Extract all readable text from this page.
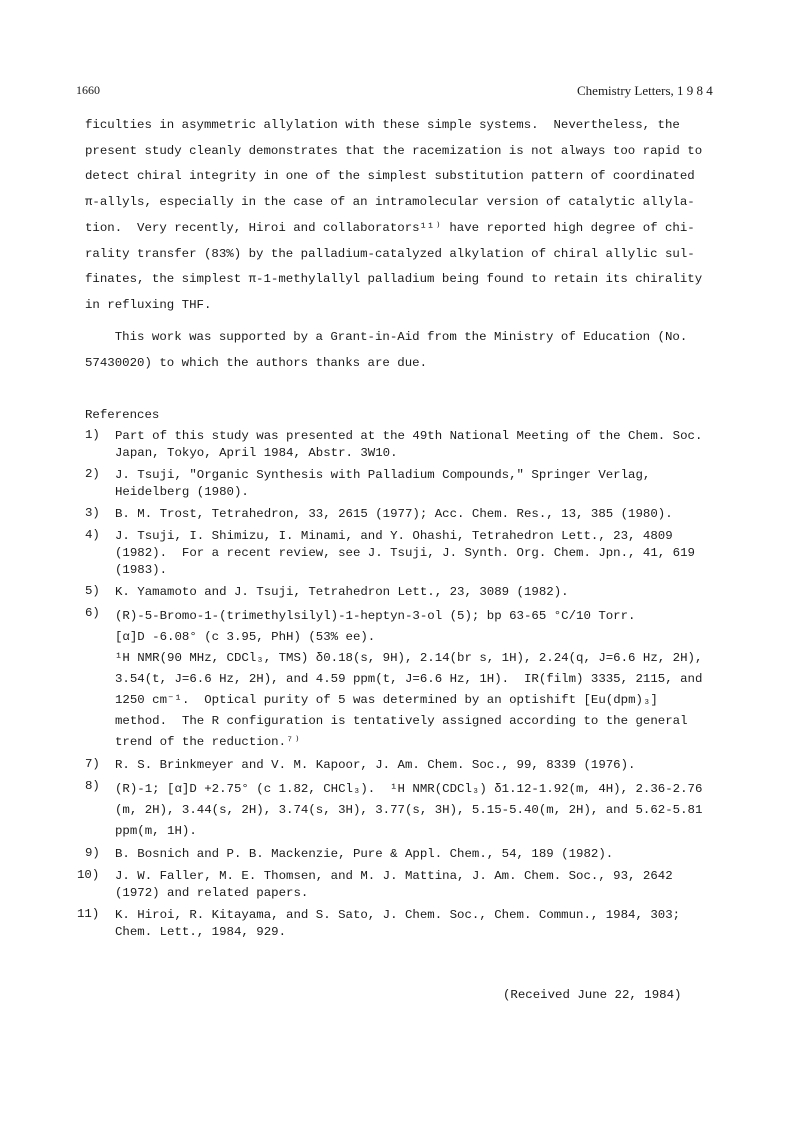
1660	Chemistry Letters, 1 9 8 4
ficulties in asymmetric allylation with these simple systems.  Nevertheless, the
present study cleanly demonstrates that the racemization is not always too rapid to
detect chiral integrity in one of the simplest substitution pattern of coordinated
π-allyls, especially in the case of an intramolecular version of catalytic allyla-
tion.  Very recently, Hiroi and collaborators¹¹⁾ have reported high degree of chi-
rality transfer (83%) by the palladium-catalyzed alkylation of chiral allylic sul-
finates, the simplest π-1-methylallyl palladium being found to retain its chirality
in refluxing THF.
This work was supported by a Grant-in-Aid from the Ministry of Education (No.
57430020) to which the authors thanks are due.
References
1) Part of this study was presented at the 49th National Meeting of the Chem. Soc.
Japan, Tokyo, April 1984, Abstr. 3W10.
2) J. Tsuji, "Organic Synthesis with Palladium Compounds," Springer Verlag,
Heidelberg (1980).
3) B. M. Trost, Tetrahedron, 33, 2615 (1977); Acc. Chem. Res., 13, 385 (1980).
4) J. Tsuji, I. Shimizu, I. Minami, and Y. Ohashi, Tetrahedron Lett., 23, 4809
(1982).  For a recent review, see J. Tsuji, J. Synth. Org. Chem. Jpn., 41, 619
(1983).
5) K. Yamamoto and J. Tsuji, Tetrahedron Lett., 23, 3089 (1982).
6) (R)-5-Bromo-1-(trimethylsilyl)-1-heptyn-3-ol (5); bp 63-65 °C/10 Torr.
[α]D -6.08° (c 3.95, PhH) (53% ee).
¹H NMR(90 MHz, CDCl₃, TMS) δ0.18(s, 9H), 2.14(br s, 1H), 2.24(q, J=6.6 Hz, 2H),
3.54(t, J=6.6 Hz, 2H), and 4.59 ppm(t, J=6.6 Hz, 1H).  IR(film) 3335, 2115, and
1250 cm⁻¹.  Optical purity of 5 was determined by an optishift [Eu(dpm)₃]
method.  The R configuration is tentatively assigned according to the general
trend of the reduction.⁷⁾
7) R. S. Brinkmeyer and V. M. Kapoor, J. Am. Chem. Soc., 99, 8339 (1976).
8) (R)-1; [α]D +2.75° (c 1.82, CHCl₃).  ¹H NMR(CDCl₃) δ1.12-1.92(m, 4H), 2.36-2.76
(m, 2H), 3.44(s, 2H), 3.74(s, 3H), 3.77(s, 3H), 5.15-5.40(m, 2H), and 5.62-5.81
ppm(m, 1H).
9) B. Bosnich and P. B. Mackenzie, Pure & Appl. Chem., 54, 189 (1982).
10) J. W. Faller, M. E. Thomsen, and M. J. Mattina, J. Am. Chem. Soc., 93, 2642
(1972) and related papers.
11) K. Hiroi, R. Kitayama, and S. Sato, J. Chem. Soc., Chem. Commun., 1984, 303;
Chem. Lett., 1984, 929.
(Received June 22, 1984)
